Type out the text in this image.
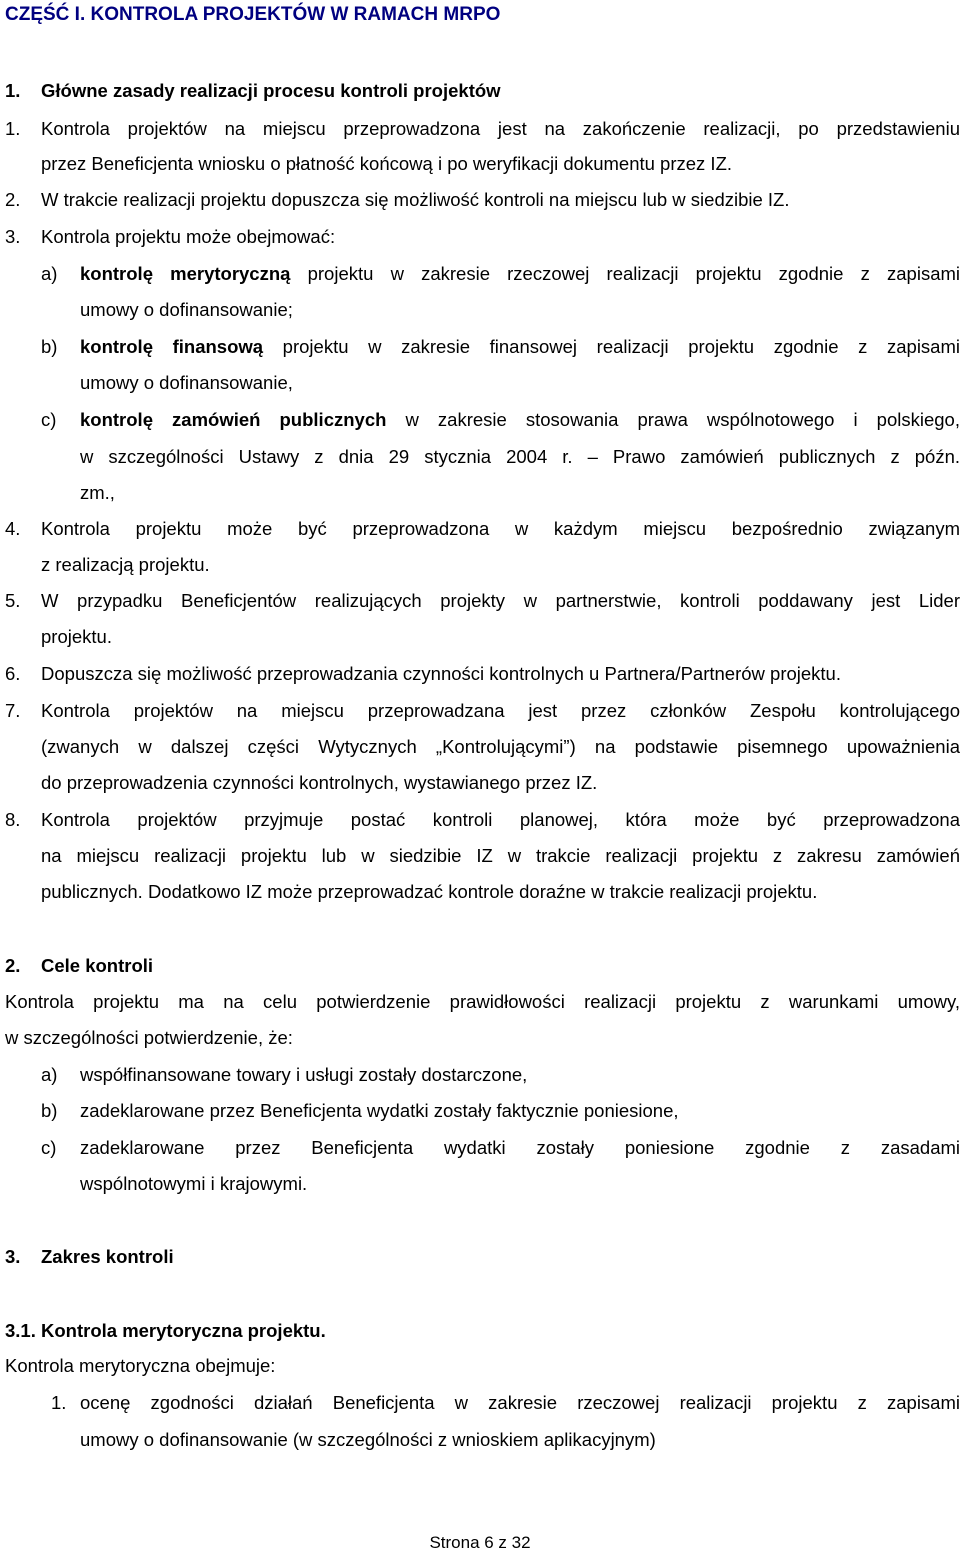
CZĘŚĆ I. KONTROLA PROJEKTÓW W RAMACH MRPO
1. Główne zasady realizacji procesu kontroli projektów
1. Kontrola projektów na miejscu przeprowadzona jest na zakończenie realizacji, po przedstawieniu
przez Beneficjenta wniosku o płatność końcową i po weryfikacji dokumentu przez IZ.
2. W trakcie realizacji projektu dopuszcza się możliwość kontroli na miejscu lub w siedzibie IZ.
3. Kontrola projektu może obejmować:
a) kontrolę merytoryczną projektu w zakresie rzeczowej realizacji projektu zgodnie z zapisami
umowy o dofinansowanie;
b) kontrolę finansową projektu w zakresie finansowej realizacji projektu zgodnie z zapisami
umowy o dofinansowanie,
c) kontrolę zamówień publicznych w zakresie stosowania prawa wspólnotowego i polskiego,
w szczególności Ustawy z dnia 29 stycznia 2004 r. – Prawo zamówień publicznych z późn.
zm.,
4. Kontrola projektu może być przeprowadzona w każdym miejscu bezpośrednio związanym
z realizacją projektu.
5. W przypadku Beneficjentów realizujących projekty w partnerstwie, kontroli poddawany jest Lider
projektu.
6. Dopuszcza się możliwość przeprowadzania czynności kontrolnych u Partnera/Partnerów projektu.
7. Kontrola projektów na miejscu przeprowadzana jest przez członków Zespołu kontrolującego
(zwanych w dalszej części Wytycznych „Kontrolującymi”) na podstawie pisemnego upoważnienia
do przeprowadzenia czynności kontrolnych, wystawianego przez IZ.
8. Kontrola projektów przyjmuje postać kontroli planowej, która może być przeprowadzona
na miejscu realizacji projektu lub w siedzibie IZ w trakcie realizacji projektu z zakresu zamówień
publicznych. Dodatkowo IZ może przeprowadzać kontrole doraźne w trakcie realizacji projektu.
2. Cele kontroli
Kontrola projektu ma na celu potwierdzenie prawidłowości realizacji projektu z warunkami umowy,
w szczególności potwierdzenie, że:
a) współfinansowane towary i usługi zostały dostarczone,
b) zadeklarowane przez Beneficjenta wydatki zostały faktycznie poniesione,
c) zadeklarowane przez Beneficjenta wydatki zostały poniesione zgodnie z zasadami
wspólnotowymi i krajowymi.
3. Zakres kontroli
3.1. Kontrola merytoryczna projektu.
Kontrola merytoryczna obejmuje:
1. ocenę zgodności działań Beneficjenta w zakresie rzeczowej realizacji projektu z zapisami
umowy o dofinansowanie (w szczególności z wnioskiem aplikacyjnym)
Strona 6 z 32
